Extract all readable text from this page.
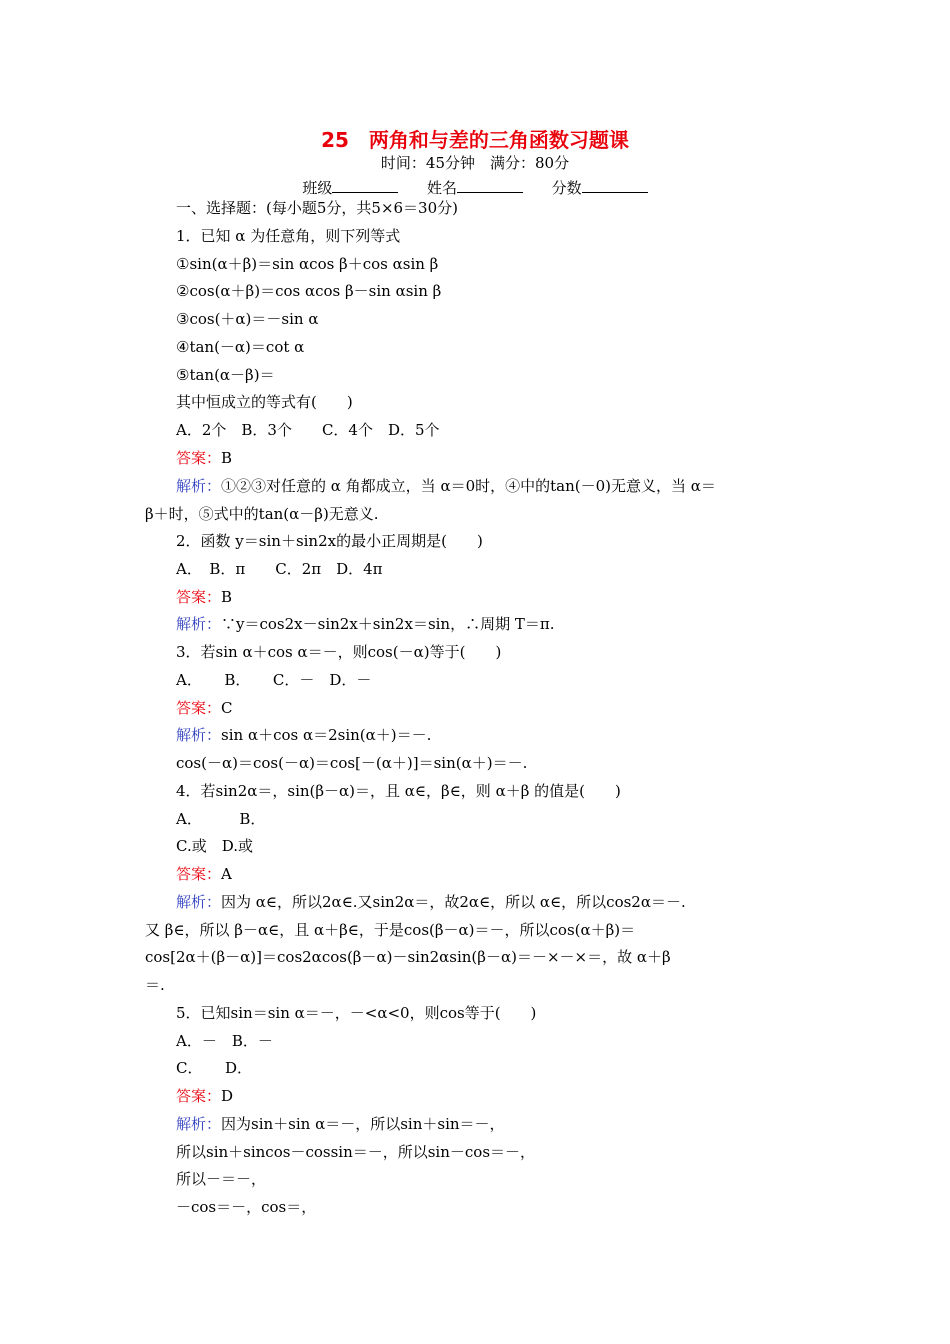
25　两角和与差的三角函数习题课
时间：45分钟　满分：80分
班级	姓名	分数
一、选择题：(每小题5分，共5×6＝30分)
1．已知 α 为任意角，则下列等式
①sin(α＋β)＝sin αcos β＋cos αsin β
②cos(α＋β)＝cos αcos β－sin αsin β
③cos(＋α)＝－sin α
④tan(－α)＝cot α
⑤tan(α－β)＝
其中恒成立的等式有(　　)
A．2个　B．3个　　C．4个　D．5个
答案：B
解析：①②③对任意的 α 角都成立，当 α＝0时，④中的tan(－0)无意义，当 α＝
β＋时，⑤式中的tan(α－β)无意义.
2．函数 y＝sin＋sin2x的最小正周期是(　　)
A．　B．π　　C．2π　D．4π
答案：B
解析：∵y＝cos2x－sin2x＋sin2x＝sin，∴周期 T＝π.
3．若sin α＋cos α＝－，则cos(－α)等于(　　)
A．　　B．　　C．－　D．－
答案：C
解析：sin α＋cos α＝2sin(α＋)＝－.
cos(－α)＝cos(－α)＝cos[－(α＋)]＝sin(α＋)＝－.
4．若sin2α＝，sin(β－α)＝，且 α∈，β∈，则 α＋β 的值是(　　)
A．　　　B．
C.或　D.或
答案：A
解析：因为 α∈，所以2α∈.又sin2α＝，故2α∈，所以 α∈，所以cos2α＝－.
又 β∈，所以 β－α∈，且 α＋β∈，于是cos(β－α)＝－，所以cos(α＋β)＝
cos[2α＋(β－α)]＝cos2αcos(β－α)－sin2αsin(β－α)＝－×－×＝，故 α＋β
＝.
5．已知sin＝sin α＝－，－<α<0，则cos等于(　　)
A．－　B．－
C．　　D．
答案：D
解析：因为sin＋sin α＝－，所以sin＋sin＝－，
所以sin＋sincos－cossin＝－，所以sin－cos＝－，
所以－＝－，
－cos＝－，cos＝，
